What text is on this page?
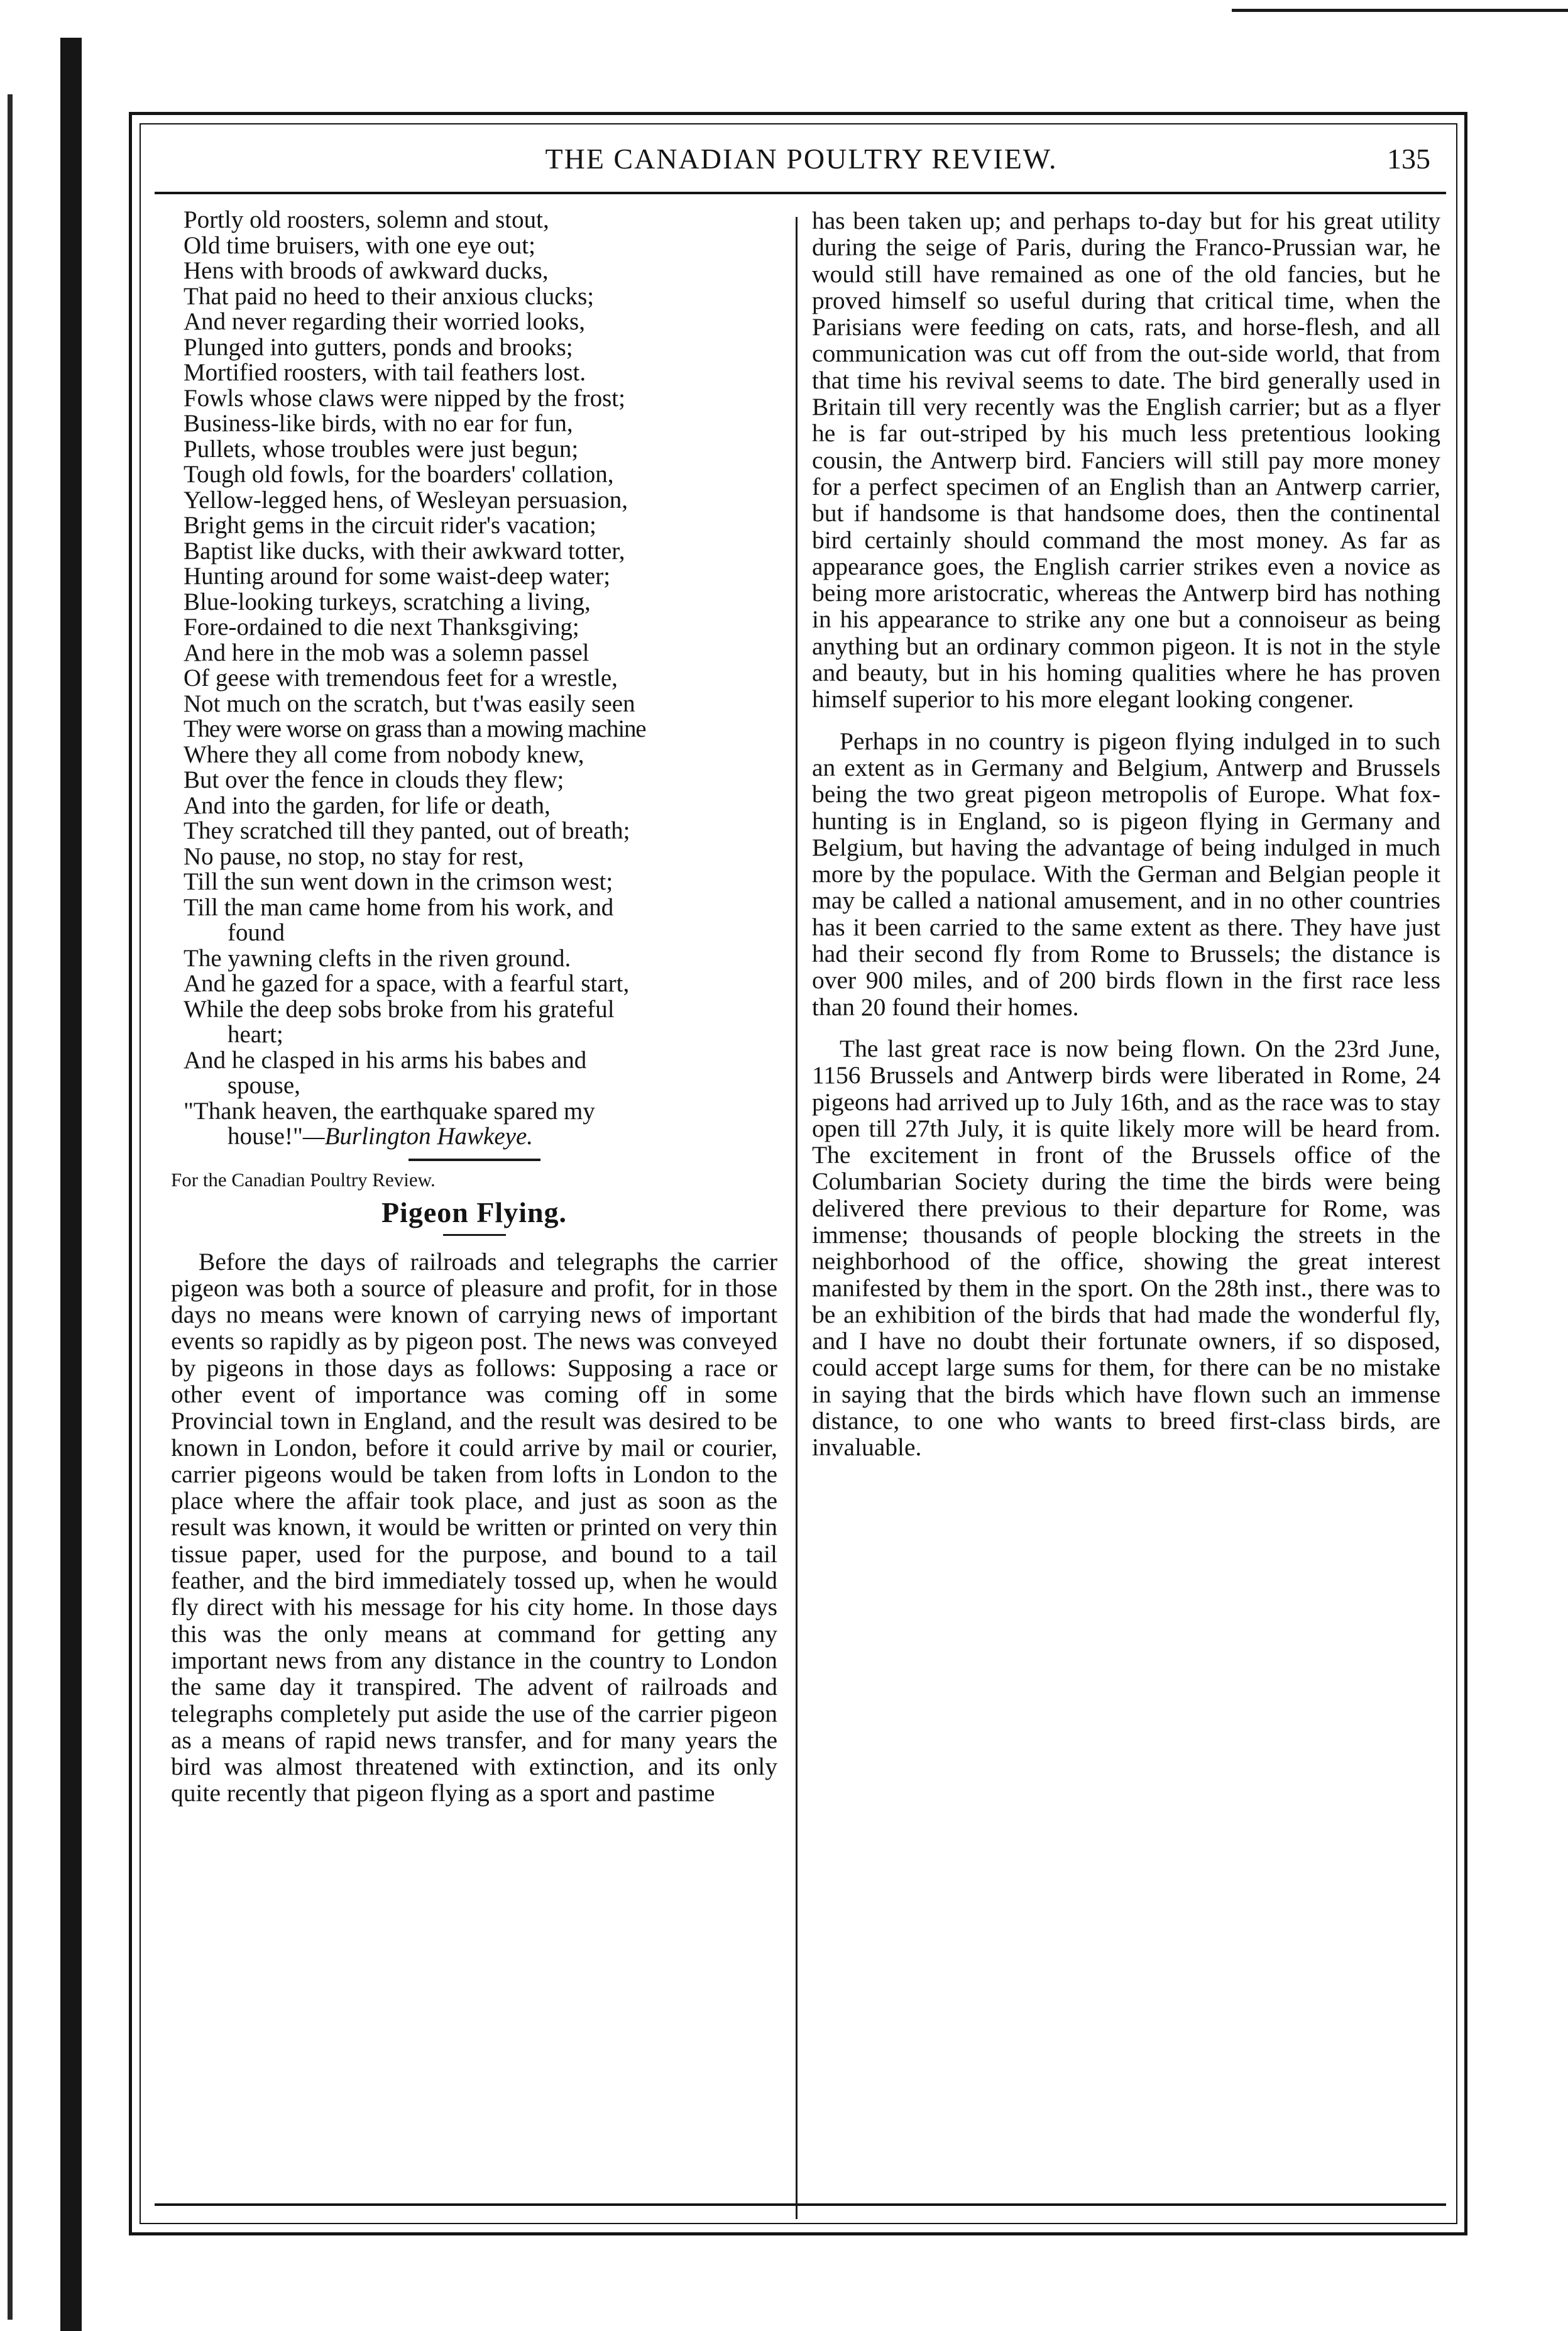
THE CANADIAN POULTRY REVIEW.	135

Portly old roosters, solemn and stout,

Old time bruisers, with one eye out;

Hens with broods of awkward ducks,

That paid no heed to their anxious clucks;

And never regarding their worried looks,

Plunged into gutters, ponds and brooks;

Mortified roosters, with tail feathers lost.

Fowls whose claws were nipped by the frost;

Business-like birds, with no ear for fun,

Pullets, whose troubles were just begun;

Tough old fowls, for the boarders' collation,

Yellow-legged hens, of Wesleyan persuasion,

Bright gems in the circuit rider's vacation;

Baptist like ducks, with their awkward totter,

Hunting around for some waist-deep water;

Blue-looking turkeys, scratching a living,

Fore-ordained to die next Thanksgiving;

And here in the mob was a solemn passel

Of geese with tremendous feet for a wrestle,

Not much on the scratch, but t'was easily seen

They were worse on grass than a mowing machine

Where they all come from nobody knew,

But over the fence in clouds they flew;

And into the garden, for life or death,

They scratched till they panted, out of breath;

No pause, no stop, no stay for rest,

Till the sun went down in the crimson west;

Till the man came home from his work, and

found

The yawning clefts in the riven ground.

And he gazed for a space, with a fearful start,

While the deep sobs broke from his grateful

heart;

And he clasped in his arms his babes and

spouse,

"Thank heaven, the earthquake spared my

house!"—Burlington Hawkeye.

For the Canadian Poultry Review.

Pigeon Flying.

Before the days of railroads and telegraphs the carrier pigeon was both a source of pleasure and profit, for in those days no means were known of carrying news of important events so rapidly as by pigeon post. The news was conveyed by pigeons in those days as follows: Supposing a race or other event of importance was coming off in some Provincial town in England, and the result was desired to be known in London, before it could arrive by mail or courier, carrier pigeons would be taken from lofts in London to the place where the affair took place, and just as soon as the result was known, it would be written or printed on very thin tissue paper, used for the purpose, and bound to a tail feather, and the bird immediately tossed up, when he would fly direct with his message for his city home. In those days this was the only means at command for getting any important news from any distance in the country to London the same day it transpired. The advent of railroads and telegraphs completely put aside the use of the carrier pigeon as a means of rapid news transfer, and for many years the bird was almost threatened with extinction, and its only quite recently that pigeon flying as a sport and pastime

has been taken up; and perhaps to-day but for his great utility during the seige of Paris, during the Franco-Prussian war, he would still have remained as one of the old fancies, but he proved himself so useful during that critical time, when the Parisians were feeding on cats, rats, and horse-flesh, and all communication was cut off from the out-side world, that from that time his revival seems to date. The bird generally used in Britain till very recently was the English carrier; but as a flyer he is far out-striped by his much less pretentious looking cousin, the Antwerp bird. Fanciers will still pay more money for a perfect specimen of an English than an Antwerp carrier, but if handsome is that handsome does, then the continental bird certainly should command the most money. As far as appearance goes, the English carrier strikes even a novice as being more aristocratic, whereas the Antwerp bird has nothing in his appearance to strike any one but a connoiseur as being anything but an ordinary common pigeon. It is not in the style and beauty, but in his homing qualities where he has proven himself superior to his more elegant looking congener.

Perhaps in no country is pigeon flying indulged in to such an extent as in Germany and Belgium, Antwerp and Brussels being the two great pigeon metropolis of Europe. What fox-hunting is in England, so is pigeon flying in Germany and Belgium, but having the advantage of being indulged in much more by the populace. With the German and Belgian people it may be called a national amusement, and in no other countries has it been carried to the same extent as there. They have just had their second fly from Rome to Brussels; the distance is over 900 miles, and of 200 birds flown in the first race less than 20 found their homes.

The last great race is now being flown. On the 23rd June, 1156 Brussels and Antwerp birds were liberated in Rome, 24 pigeons had arrived up to July 16th, and as the race was to stay open till 27th July, it is quite likely more will be heard from. The excitement in front of the Brussels office of the Columbarian Society during the time the birds were being delivered there previous to their departure for Rome, was immense; thousands of people blocking the streets in the neighborhood of the office, showing the great interest manifested by them in the sport. On the 28th inst., there was to be an exhibition of the birds that had made the wonderful fly, and I have no doubt their fortunate owners, if so disposed, could accept large sums for them, for there can be no mistake in saying that the birds which have flown such an immense distance, to one who wants to breed first-class birds, are invaluable.
